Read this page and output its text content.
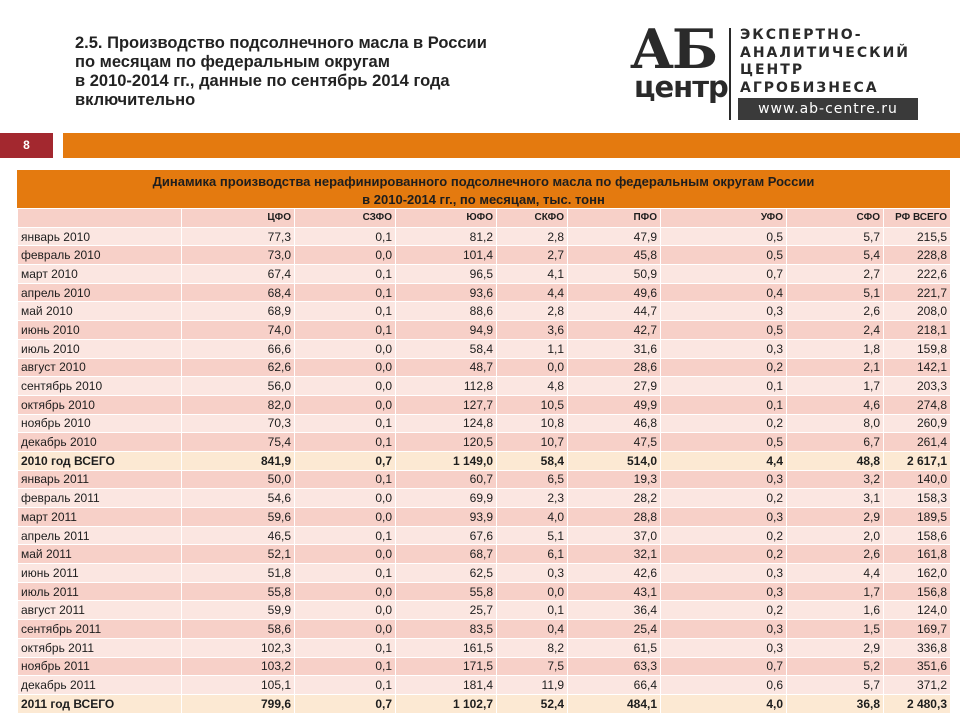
2.5. Производство подсолнечного масла в России
по месяцам по федеральным округам
в 2010-2014 гг., данные по сентябрь 2014 года
включительно
АБ
центр
ЭКСПЕРТНО-
АНАЛИТИЧЕСКИЙ
ЦЕНТР
АГРОБИЗНЕСА
www.ab-centre.ru
8
Динамика производства нерафинированного подсолнечного масла по федеральным округам России
в 2010-2014 гг., по месяцам, тыс. тонн
	ЦФО	СЗФО	ЮФО	СКФО	ПФО	УФО	СФО	РФ ВСЕГО
январь 2010	77,3	0,1	81,2	2,8	47,9	0,5	5,7	215,5
февраль 2010	73,0	0,0	101,4	2,7	45,8	0,5	5,4	228,8
март 2010	67,4	0,1	96,5	4,1	50,9	0,7	2,7	222,6
апрель 2010	68,4	0,1	93,6	4,4	49,6	0,4	5,1	221,7
май 2010	68,9	0,1	88,6	2,8	44,7	0,3	2,6	208,0
июнь 2010	74,0	0,1	94,9	3,6	42,7	0,5	2,4	218,1
июль 2010	66,6	0,0	58,4	1,1	31,6	0,3	1,8	159,8
август 2010	62,6	0,0	48,7	0,0	28,6	0,2	2,1	142,1
сентябрь 2010	56,0	0,0	112,8	4,8	27,9	0,1	1,7	203,3
октябрь 2010	82,0	0,0	127,7	10,5	49,9	0,1	4,6	274,8
ноябрь 2010	70,3	0,1	124,8	10,8	46,8	0,2	8,0	260,9
декабрь 2010	75,4	0,1	120,5	10,7	47,5	0,5	6,7	261,4
2010 год ВСЕГО	841,9	0,7	1 149,0	58,4	514,0	4,4	48,8	2 617,1
январь 2011	50,0	0,1	60,7	6,5	19,3	0,3	3,2	140,0
февраль 2011	54,6	0,0	69,9	2,3	28,2	0,2	3,1	158,3
март 2011	59,6	0,0	93,9	4,0	28,8	0,3	2,9	189,5
апрель 2011	46,5	0,1	67,6	5,1	37,0	0,2	2,0	158,6
май 2011	52,1	0,0	68,7	6,1	32,1	0,2	2,6	161,8
июнь 2011	51,8	0,1	62,5	0,3	42,6	0,3	4,4	162,0
июль 2011	55,8	0,0	55,8	0,0	43,1	0,3	1,7	156,8
август 2011	59,9	0,0	25,7	0,1	36,4	0,2	1,6	124,0
сентябрь 2011	58,6	0,0	83,5	0,4	25,4	0,3	1,5	169,7
октябрь 2011	102,3	0,1	161,5	8,2	61,5	0,3	2,9	336,8
ноябрь 2011	103,2	0,1	171,5	7,5	63,3	0,7	5,2	351,6
декабрь 2011	105,1	0,1	181,4	11,9	66,4	0,6	5,7	371,2
2011 год ВСЕГО	799,6	0,7	1 102,7	52,4	484,1	4,0	36,8	2 480,3
